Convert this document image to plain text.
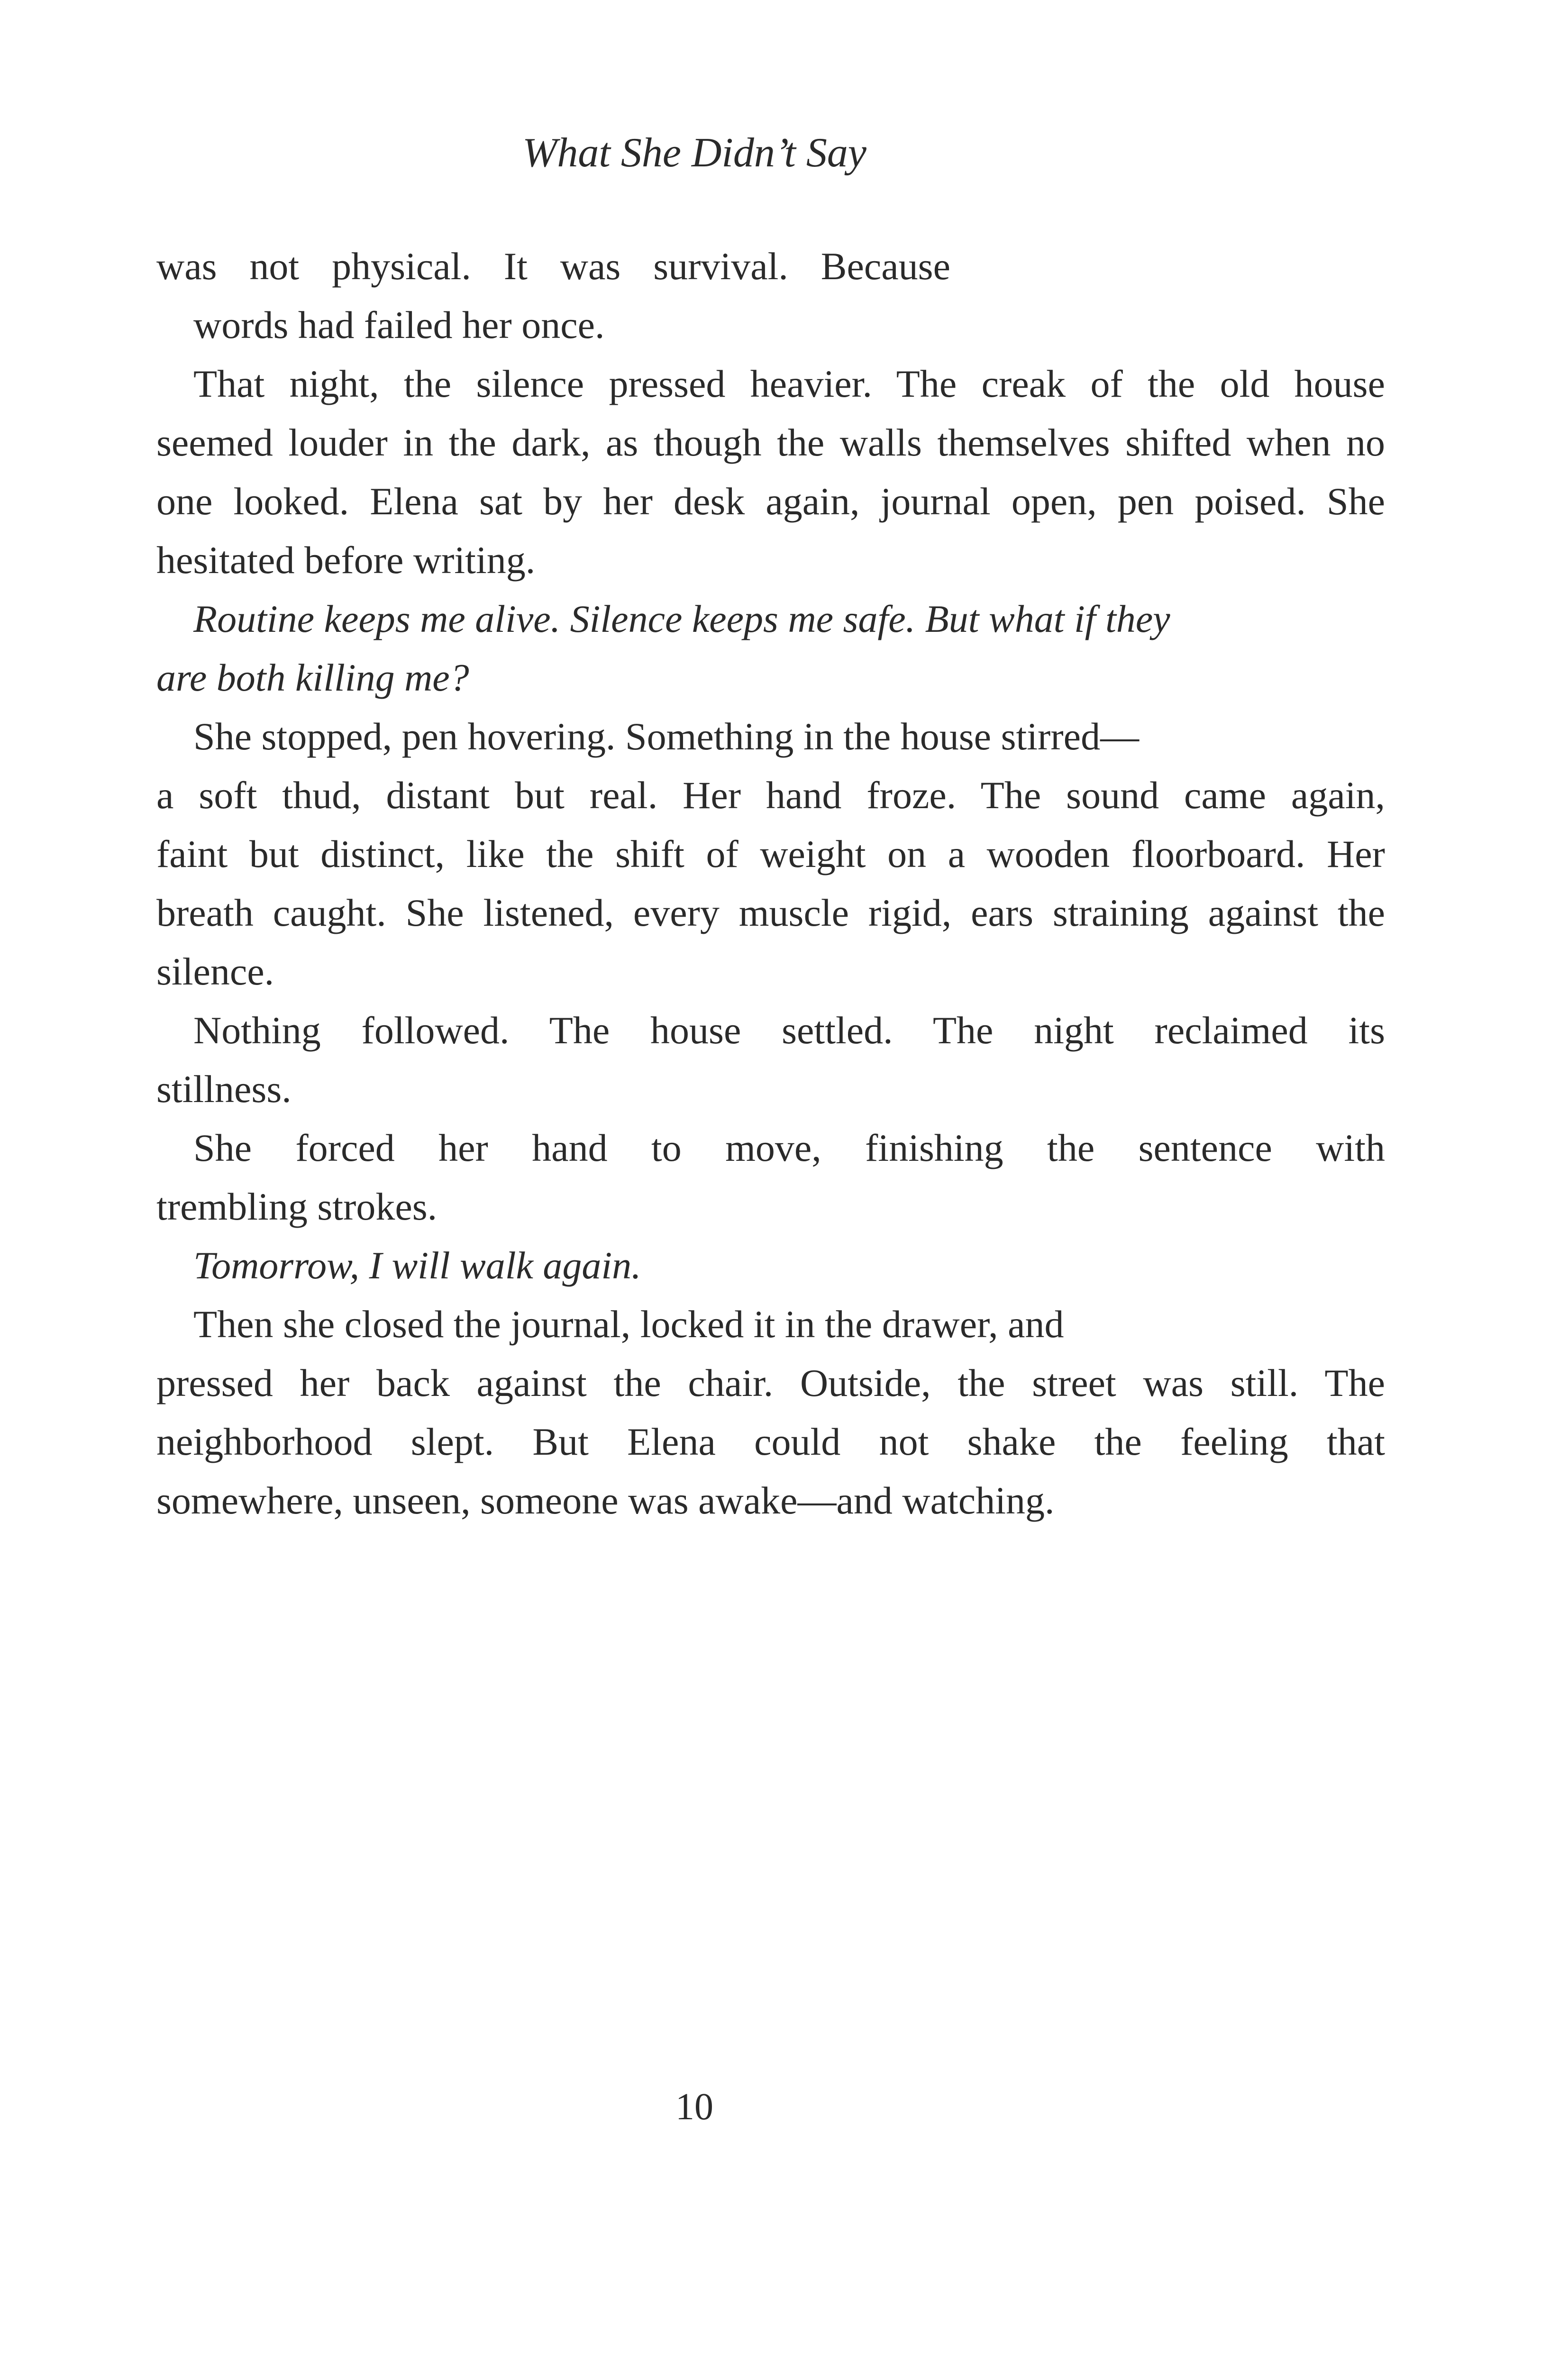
What She Didn’t Say
was not physical. It was survival. Because
words had failed her once.
That night, the silence pressed heavier. The creak of the old house
seemed louder in the dark, as though the walls themselves shifted when no
one looked. Elena sat by her desk again, journal open, pen poised. She
hesitated before writing.
Routine keeps me alive. Silence keeps me safe. But what if they
are both killing me?
She stopped, pen hovering. Something in the house stirred—
a soft thud, distant but real. Her hand froze. The sound came again,
faint but distinct, like the shift of weight on a wooden floorboard. Her
breath caught. She listened, every muscle rigid, ears straining against the
silence.
Nothing followed. The house settled. The night reclaimed its
stillness.
She forced her hand to move, finishing the sentence with
trembling strokes.
Tomorrow, I will walk again.
Then she closed the journal, locked it in the drawer, and
pressed her back against the chair. Outside, the street was still. The
neighborhood slept. But Elena could not shake the feeling that
somewhere, unseen, someone was awake—and watching.
10
